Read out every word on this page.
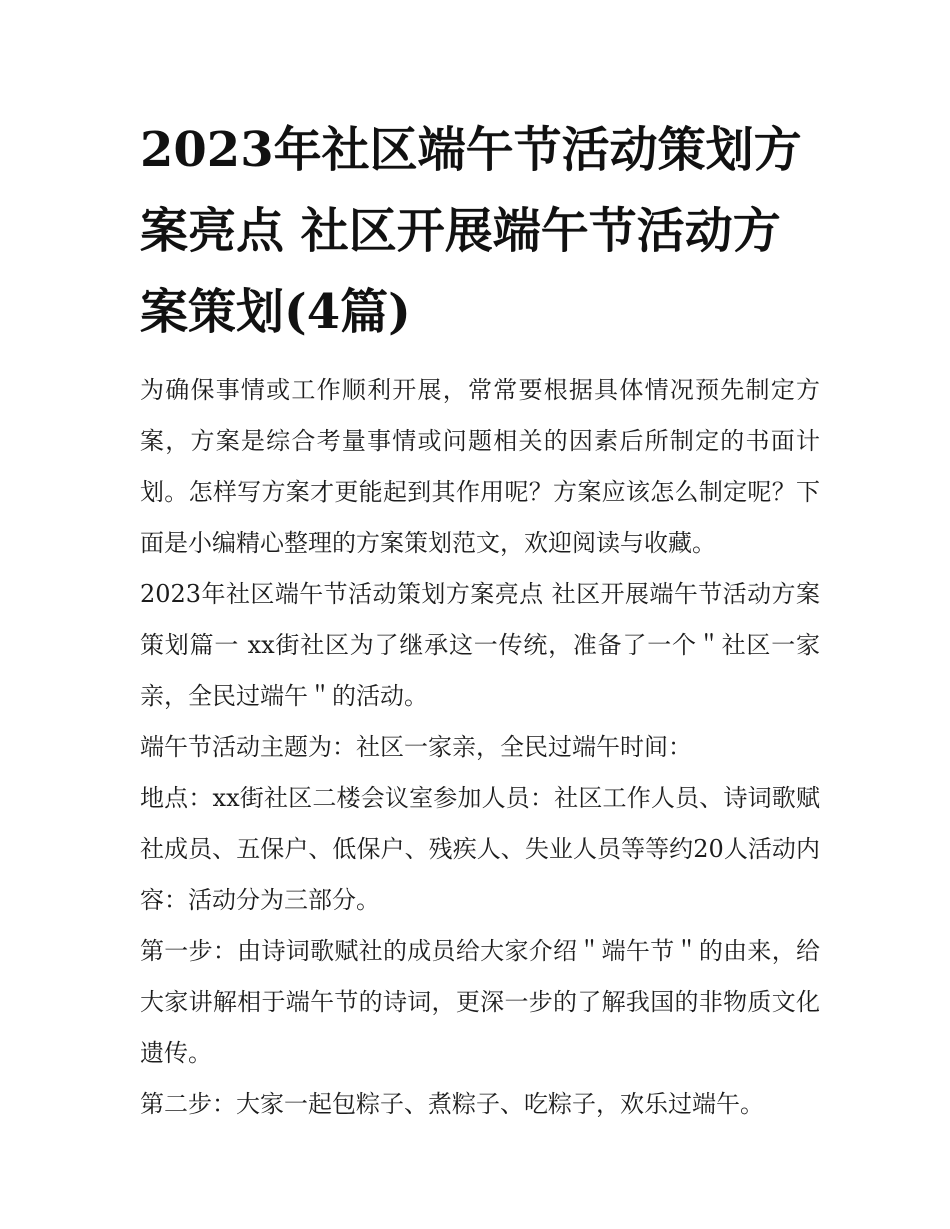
2023年社区端午节活动策划方案亮点 社区开展端午节活动方案策划(4篇)

为确保事情或工作顺利开展，常常要根据具体情况预先制定方案，方案是综合考量事情或问题相关的因素后所制定的书面计划。怎样写方案才更能起到其作用呢？方案应该怎么制定呢？下面是小编精心整理的方案策划范文，欢迎阅读与收藏。

2023年社区端午节活动策划方案亮点 社区开展端午节活动方案策划篇一 xx街社区为了继承这一传统，准备了一个＂社区一家亲，全民过端午＂的活动。

端午节活动主题为：社区一家亲，全民过端午时间：

地点：xx街社区二楼会议室参加人员：社区工作人员、诗词歌赋社成员、五保户、低保户、残疾人、失业人员等等约20人活动内容：活动分为三部分。

第一步：由诗词歌赋社的成员给大家介绍＂端午节＂的由来，给大家讲解相于端午节的诗词，更深一步的了解我国的非物质文化遗传。

第二步：大家一起包粽子、煮粽子、吃粽子，欢乐过端午。
